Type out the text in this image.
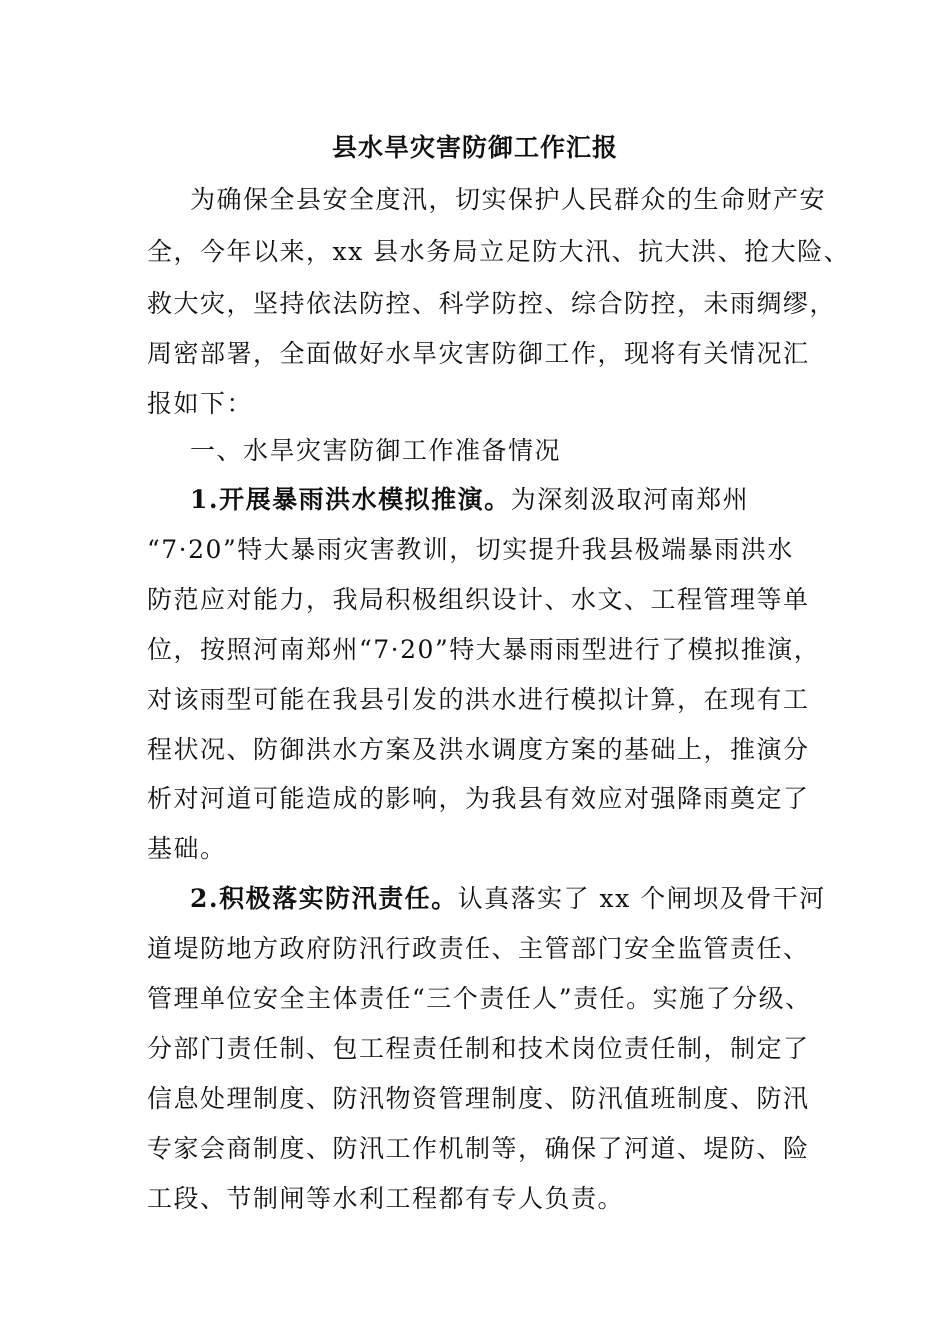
县水旱灾害防御工作汇报
为确保全县安全度汛，切实保护人民群众的生命财产安
全，今年以来，xx 县水务局立足防大汛、抗大洪、抢大险、
救大灾，坚持依法防控、科学防控、综合防控，未雨绸缪，
周密部署，全面做好水旱灾害防御工作，现将有关情况汇
报如下：
一、水旱灾害防御工作准备情况
1.开展暴雨洪水模拟推演。为深刻汲取河南郑州
“7·20”特大暴雨灾害教训，切实提升我县极端暴雨洪水
防范应对能力，我局积极组织设计、水文、工程管理等单
位，按照河南郑州“7·20”特大暴雨雨型进行了模拟推演，
对该雨型可能在我县引发的洪水进行模拟计算，在现有工
程状况、防御洪水方案及洪水调度方案的基础上，推演分
析对河道可能造成的影响，为我县有效应对强降雨奠定了
基础。
2.积极落实防汛责任。认真落实了 xx 个闸坝及骨干河
道堤防地方政府防汛行政责任、主管部门安全监管责任、
管理单位安全主体责任“三个责任人”责任。实施了分级、
分部门责任制、包工程责任制和技术岗位责任制，制定了
信息处理制度、防汛物资管理制度、防汛值班制度、防汛
专家会商制度、防汛工作机制等，确保了河道、堤防、险
工段、节制闸等水利工程都有专人负责。
